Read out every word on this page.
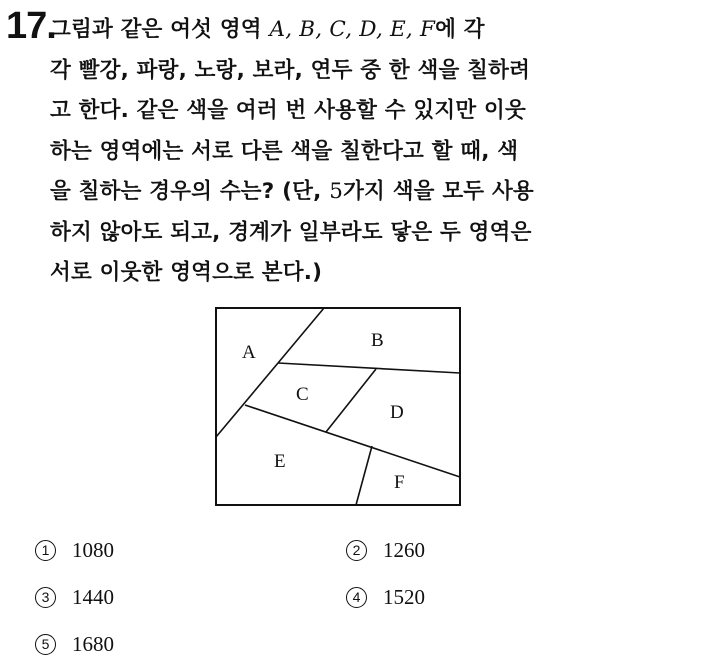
17.
그림과 같은 여섯 영역 A, B, C, D, E, F에 각
각 빨강, 파랑, 노랑, 보라, 연두 중 한 색을 칠하려
고 한다. 같은 색을 여러 번 사용할 수 있지만 이웃
하는 영역에는 서로 다른 색을 칠한다고 할 때, 색
을 칠하는 경우의 수는? (단, 5가지 색을 모두 사용
하지 않아도 되고, 경계가 일부라도 닿은 두 영역은
서로 이웃한 영역으로 본다.)
A
B
C
D
E
F
1	1080	2	1260
3	1440	4	1520
5	1680
